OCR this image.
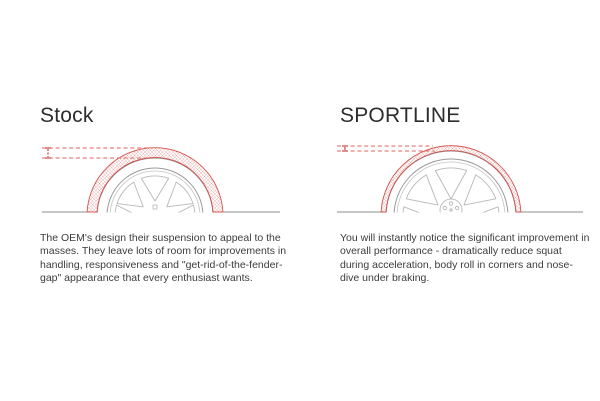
Stock
The OEM's design their suspension to appeal to the masses. They leave lots of room for improvements in handling, responsiveness and "get-rid-of-the-fender-gap" appearance that every enthusiast wants.
SPORTLINE
You will instantly notice the significant improvement in overall performance - dramatically reduce squat during acceleration, body roll in corners and nose-dive under braking.
